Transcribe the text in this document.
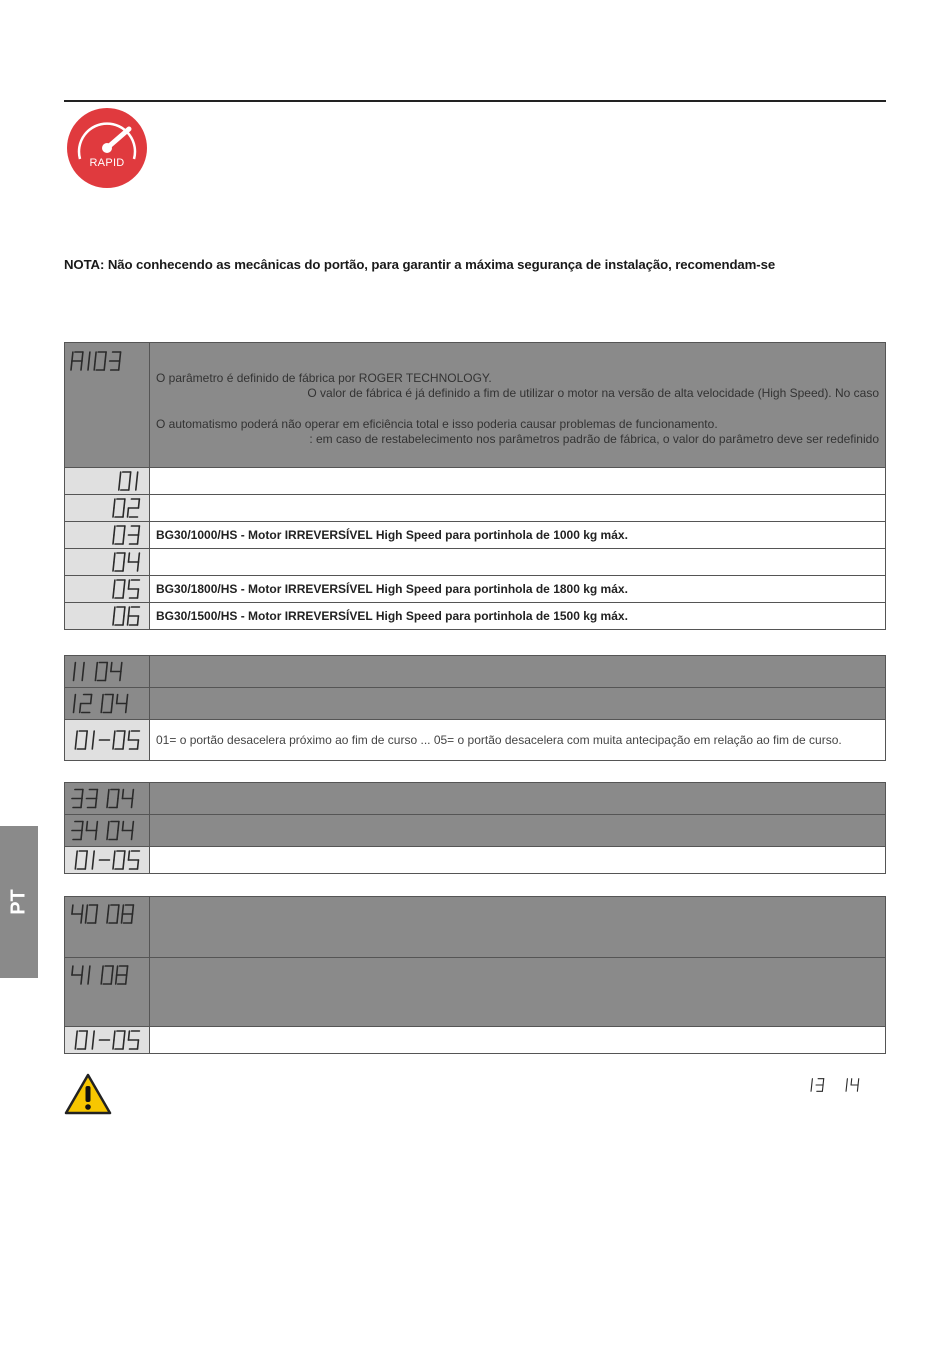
RAPID
NOTA: Não conhecendo as mecânicas do portão, para garantir a máxima segurança de instalação, recomendam-se
PT

O parâmetro é definido de fábrica por ROGER TECHNOLOGY.
O valor de fábrica é já definido a fim de utilizar o motor na versão de alta velocidade (High Speed). No caso
O automatismo poderá não operar em eficiência total e isso poderia causar problemas de funcionamento.
: em caso de restabelecimento nos parâmetros padrão de fábrica, o valor do parâmetro deve ser redefinido

	BG30/1000/HS - Motor IRREVERSÍVEL High Speed para portinhola de 1000 kg máx.

	BG30/1800/HS - Motor IRREVERSÍVEL High Speed para portinhola de 1800 kg máx.

	BG30/1500/HS - Motor IRREVERSÍVEL High Speed para portinhola de 1500 kg máx.

	01= o portão desacelera próximo ao fim de curso ... 05= o portão desacelera com muita antecipação em relação ao fim de curso.
